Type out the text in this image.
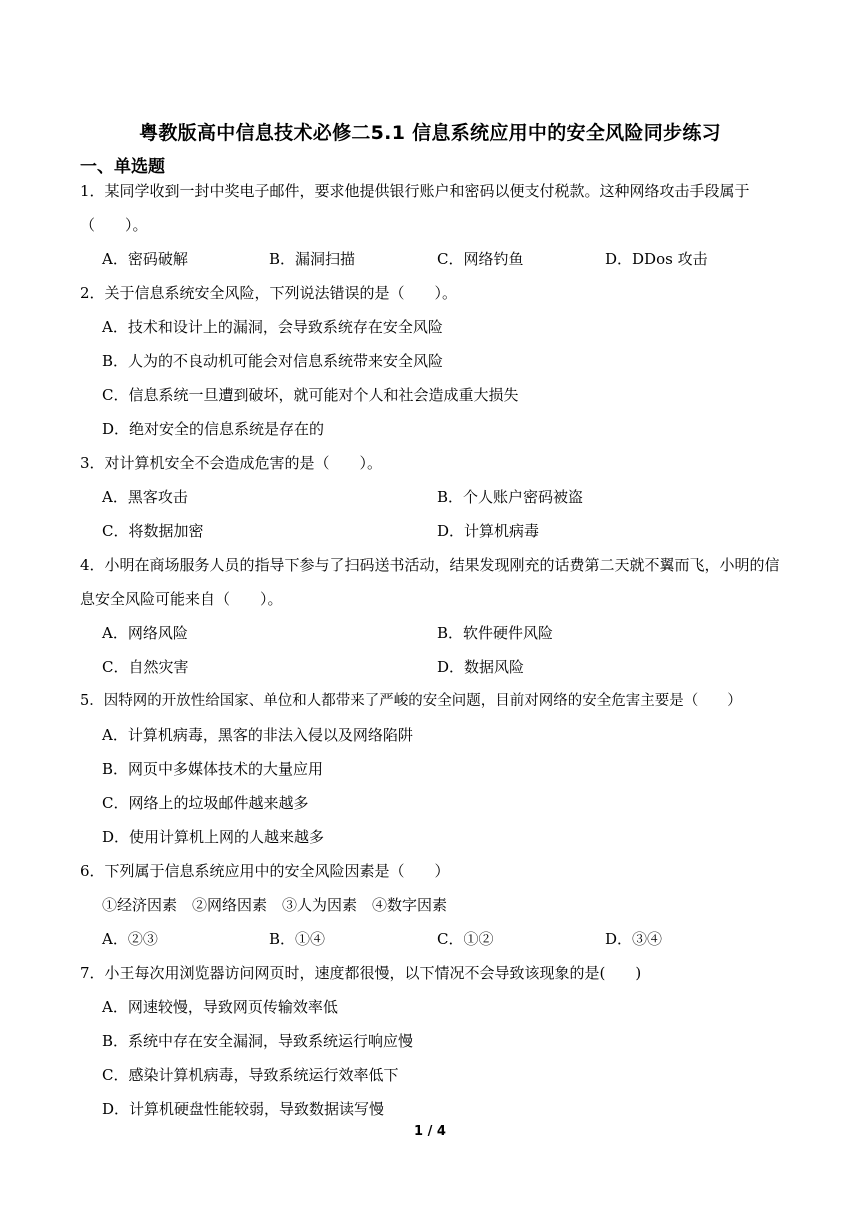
粤教版高中信息技术必修二5.1 信息系统应用中的安全风险同步练习
一、单选题
1．某同学收到一封中奖电子邮件，要求他提供银行账户和密码以便支付税款。这种网络攻击手段属于（　　）。
A．密码破解	B．漏洞扫描	C．网络钓鱼	D．DDos 攻击
2．关于信息系统安全风险，下列说法错误的是（　　）。
A．技术和设计上的漏洞，会导致系统存在安全风险
B．人为的不良动机可能会对信息系统带来安全风险
C．信息系统一旦遭到破坏，就可能对个人和社会造成重大损失
D．绝对安全的信息系统是存在的
3．对计算机安全不会造成危害的是（　　）。
A．黑客攻击	B．个人账户密码被盗
C．将数据加密	D．计算机病毒
4．小明在商场服务人员的指导下参与了扫码送书活动，结果发现刚充的话费第二天就不翼而飞，小明的信息安全风险可能来自（　　）。
A．网络风险	B．软件硬件风险
C．自然灾害	D．数据风险
5．因特网的开放性给国家、单位和人都带来了严峻的安全问题，目前对网络的安全危害主要是（　　）
A．计算机病毒，黑客的非法入侵以及网络陷阱
B．网页中多媒体技术的大量应用
C．网络上的垃圾邮件越来越多
D．使用计算机上网的人越来越多
6．下列属于信息系统应用中的安全风险因素是（　　）
①经济因素　②网络因素　③人为因素　④数字因素
A．②③	B．①④	C．①②	D．③④
7．小王每次用浏览器访问网页时，速度都很慢，以下情况不会导致该现象的是(　　)
A．网速较慢，导致网页传输效率低
B．系统中存在安全漏洞，导致系统运行响应慢
C．感染计算机病毒，导致系统运行效率低下
D．计算机硬盘性能较弱，导致数据读写慢
1 / 4
